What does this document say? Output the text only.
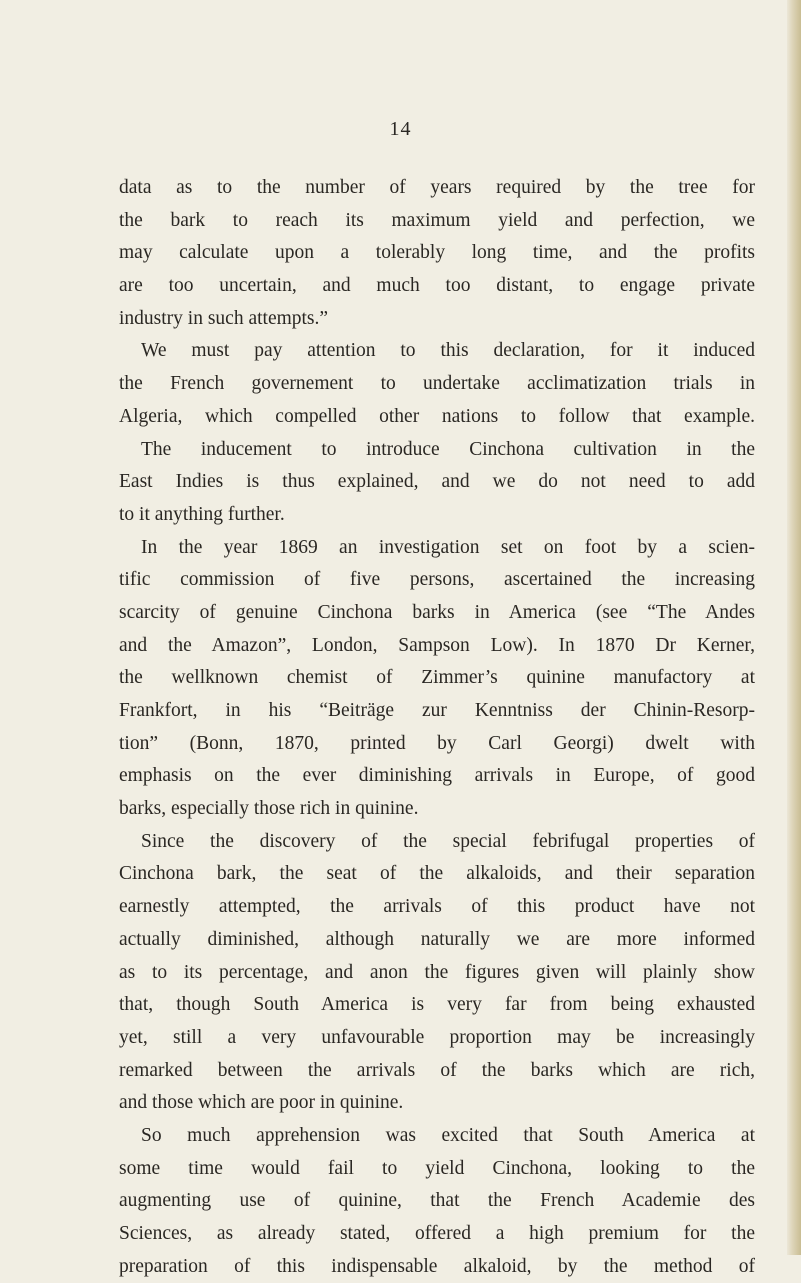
14
data as to the number of years required by the tree for
the bark to reach its maximum yield and perfection, we
may calculate upon a tolerably long time, and the profits
are too uncertain, and much too distant, to engage private
industry in such attempts.”
We must pay attention to this declaration, for it induced
the French governement to undertake acclimatization trials in
Algeria, which compelled other nations to follow that example.
The inducement to introduce Cinchona cultivation in the
East Indies is thus explained, and we do not need to add
to it anything further.
In the year 1869 an investigation set on foot by a scien-
tific commission of five persons, ascertained the increasing
scarcity of genuine Cinchona barks in America (see “The Andes
and the Amazon”, London, Sampson Low). In 1870 Dr Kerner,
the wellknown chemist of Zimmer’s quinine manufactory at
Frankfort, in his “Beiträge zur Kenntniss der Chinin-Resorp-
tion” (Bonn, 1870, printed by Carl Georgi) dwelt with
emphasis on the ever diminishing arrivals in Europe, of good
barks, especially those rich in quinine.
Since the discovery of the special febrifugal properties of
Cinchona bark, the seat of the alkaloids, and their separation
earnestly attempted, the arrivals of this product have not
actually diminished, although naturally we are more informed
as to its percentage, and anon the figures given will plainly show
that, though South America is very far from being exhausted
yet, still a very unfavourable proportion may be increasingly
remarked between the arrivals of the barks which are rich,
and those which are poor in quinine.
So much apprehension was excited that South America at
some time would fail to yield Cinchona, looking to the
augmenting use of quinine, that the French Academie des
Sciences, as already stated, offered a high premium for the
preparation of this indispensable alkaloid, by the method of
